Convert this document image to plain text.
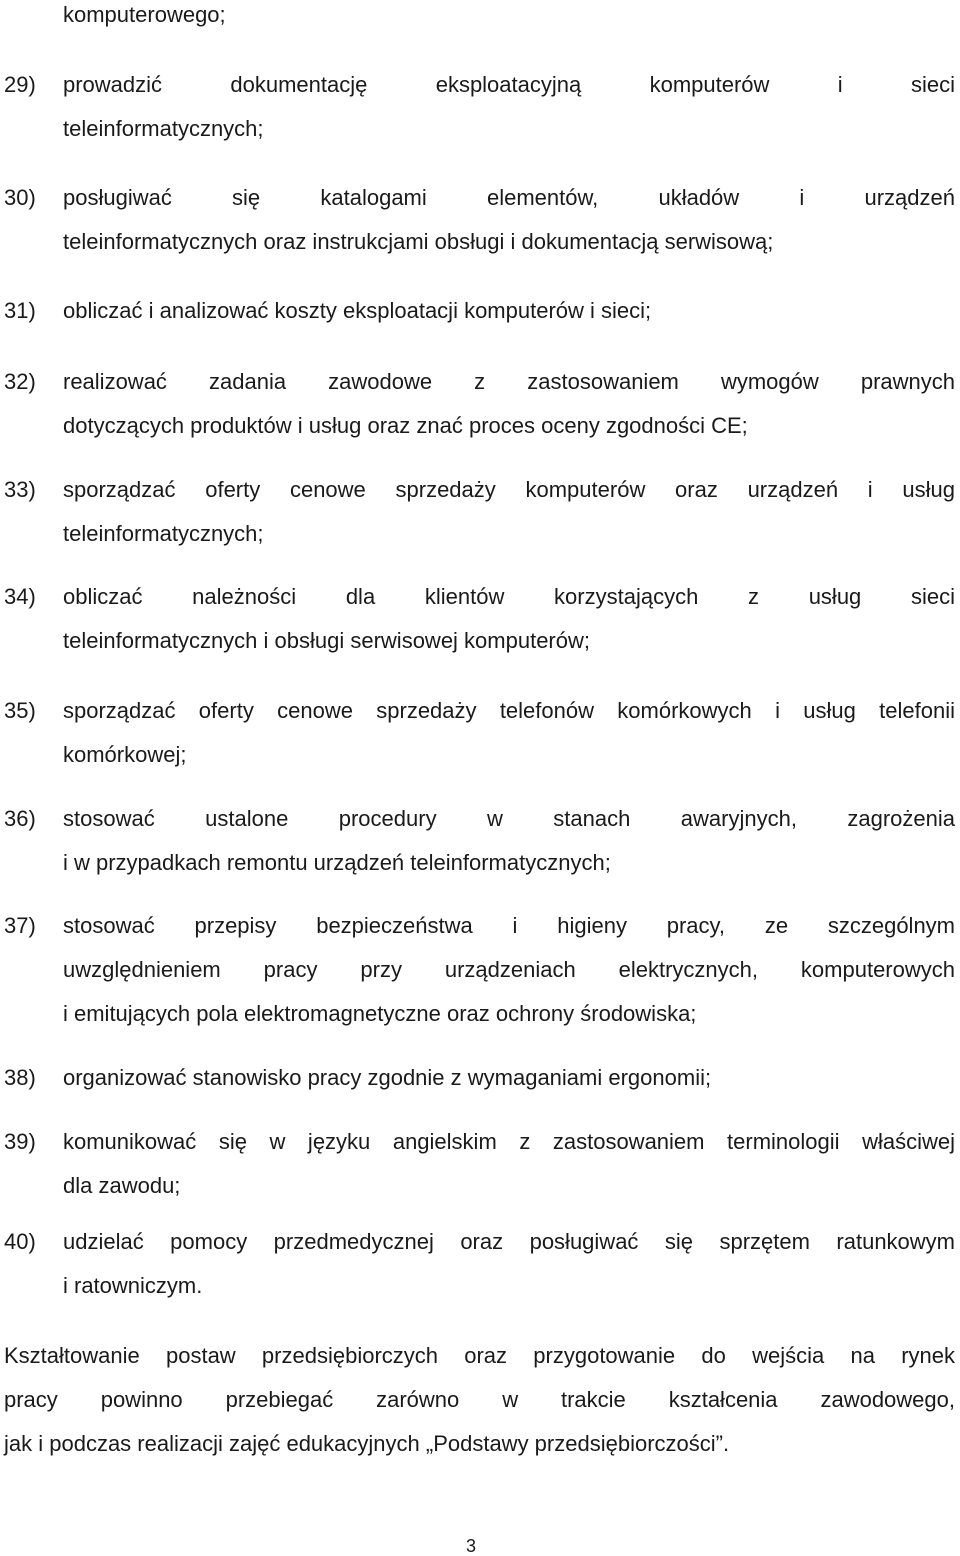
komputerowego;
29) prowadzić dokumentację eksploatacyjną komputerów i sieci
teleinformatycznych;
30) posługiwać się katalogami elementów, układów i urządzeń
teleinformatycznych oraz instrukcjami obsługi i dokumentacją serwisową;
31) obliczać i analizować koszty eksploatacji komputerów i sieci;
32) realizować zadania zawodowe z zastosowaniem wymogów prawnych
dotyczących produktów i usług oraz znać proces oceny zgodności CE;
33) sporządzać oferty cenowe sprzedaży komputerów oraz urządzeń i usług
teleinformatycznych;
34) obliczać należności dla klientów korzystających z usług sieci
teleinformatycznych i obsługi serwisowej komputerów;
35) sporządzać oferty cenowe sprzedaży telefonów komórkowych i usług telefonii
komórkowej;
36) stosować ustalone procedury w stanach awaryjnych, zagrożenia
i w przypadkach remontu urządzeń teleinformatycznych;
37) stosować przepisy bezpieczeństwa i higieny pracy, ze szczególnym
uwzględnieniem pracy przy urządzeniach elektrycznych, komputerowych
i emitujących pola elektromagnetyczne oraz ochrony środowiska;
38) organizować stanowisko pracy zgodnie z wymaganiami ergonomii;
39) komunikować się w języku angielskim z zastosowaniem terminologii właściwej
dla zawodu;
40) udzielać pomocy przedmedycznej oraz posługiwać się sprzętem ratunkowym
i ratowniczym.
Kształtowanie postaw przedsiębiorczych oraz przygotowanie do wejścia na rynek
pracy powinno przebiegać zarówno w trakcie kształcenia zawodowego,
jak i podczas realizacji zajęć edukacyjnych „Podstawy przedsiębiorczości”.
3
